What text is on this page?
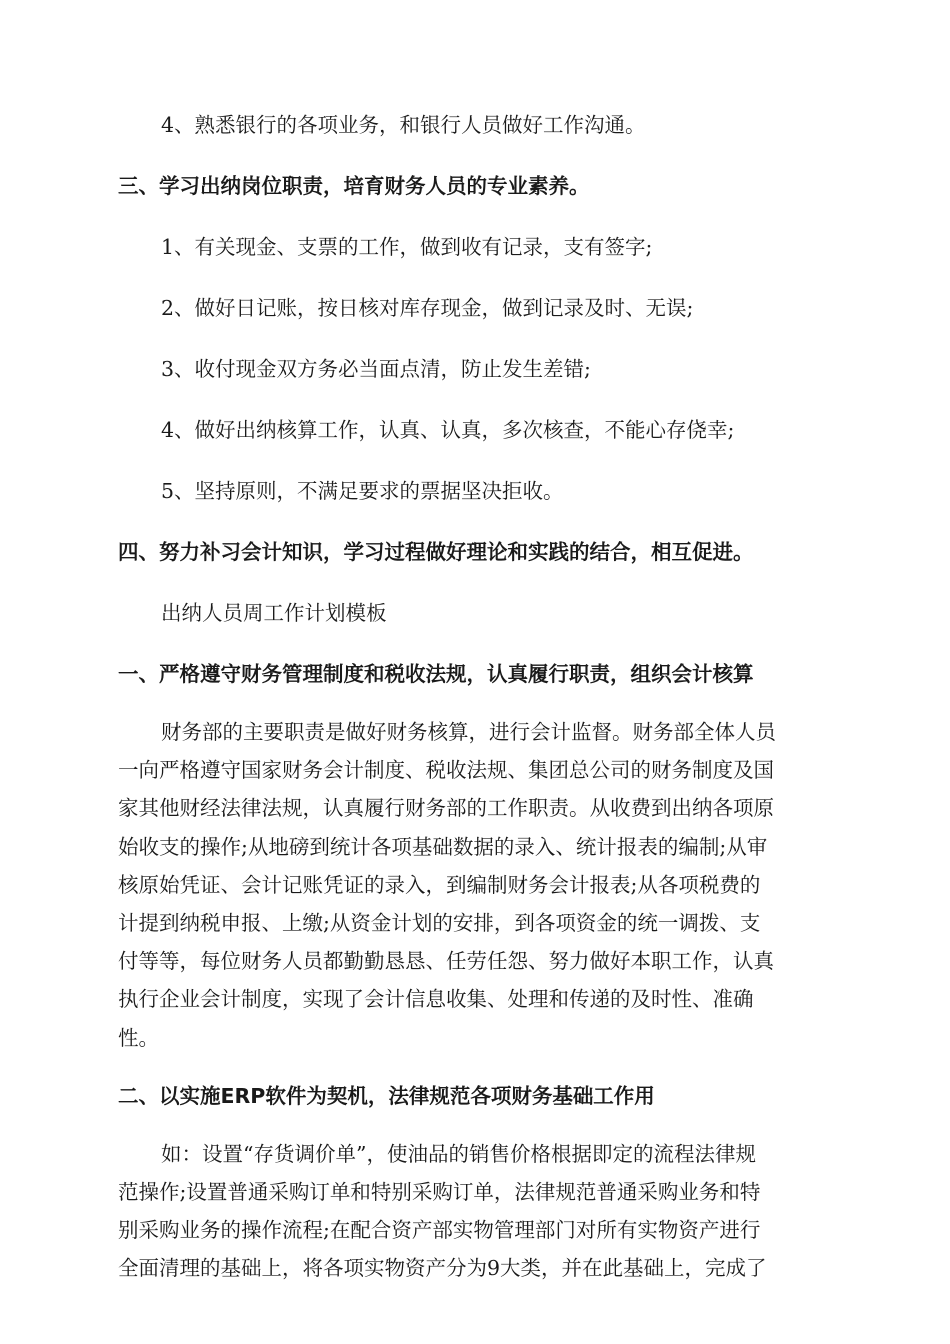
4、熟悉银行的各项业务，和银行人员做好工作沟通。

三、学习出纳岗位职责，培育财务人员的专业素养。

1、有关现金、支票的工作，做到收有记录，支有签字;

2、做好日记账，按日核对库存现金，做到记录及时、无误;

3、收付现金双方务必当面点清，防止发生差错;

4、做好出纳核算工作，认真、认真，多次核查，不能心存侥幸;

5、坚持原则，不满足要求的票据坚决拒收。

四、努力补习会计知识，学习过程做好理论和实践的结合，相互促进。

出纳人员周工作计划模板

一、严格遵守财务管理制度和税收法规，认真履行职责，组织会计核算

财务部的主要职责是做好财务核算，进行会计监督。财务部全体人员

一向严格遵守国家财务会计制度、税收法规、集团总公司的财务制度及国

家其他财经法律法规，认真履行财务部的工作职责。从收费到出纳各项原

始收支的操作;从地磅到统计各项基础数据的录入、统计报表的编制;从审

核原始凭证、会计记账凭证的录入，到编制财务会计报表;从各项税费的

计提到纳税申报、上缴;从资金计划的安排，到各项资金的统一调拨、支

付等等，每位财务人员都勤勤恳恳、任劳任怨、努力做好本职工作，认真

执行企业会计制度，实现了会计信息收集、处理和传递的及时性、准确

性。

二、以实施ERP软件为契机，法律规范各项财务基础工作用

如：设置“存货调价单”，使油品的销售价格根据即定的流程法律规

范操作;设置普通采购订单和特别采购订单，法律规范普通采购业务和特

别采购业务的操作流程;在配合资产部实物管理部门对所有实物资产进行

全面清理的基础上，将各项实物资产分为9大类，并在此基础上，完成了
